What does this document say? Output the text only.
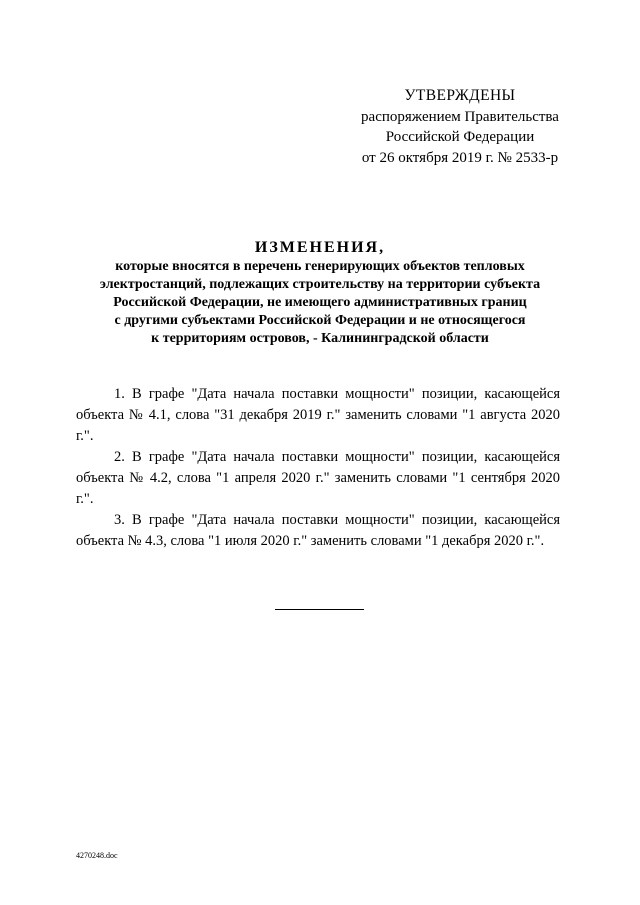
УТВЕРЖДЕНЫ
распоряжением Правительства
Российской Федерации
от 26 октября 2019 г. № 2533-р
ИЗМЕНЕНИЯ,
которые вносятся в перечень генерирующих объектов тепловых
электростанций, подлежащих строительству на территории субъекта
Российской Федерации, не имеющего административных границ
с другими субъектами Российской Федерации и не относящегося
к территориям островов, - Калининградской области

1. В графе "Дата начала поставки мощности" позиции, касающейся объекта № 4.1, слова "31 декабря 2019 г." заменить словами "1 августа 2020 г.".

2. В графе "Дата начала поставки мощности" позиции, касающейся объекта № 4.2, слова "1 апреля 2020 г." заменить словами "1 сентября 2020 г.".

3. В графе "Дата начала поставки мощности" позиции, касающейся объекта № 4.3, слова "1 июля 2020 г." заменить словами "1 декабря 2020 г.".

4270248.doc
